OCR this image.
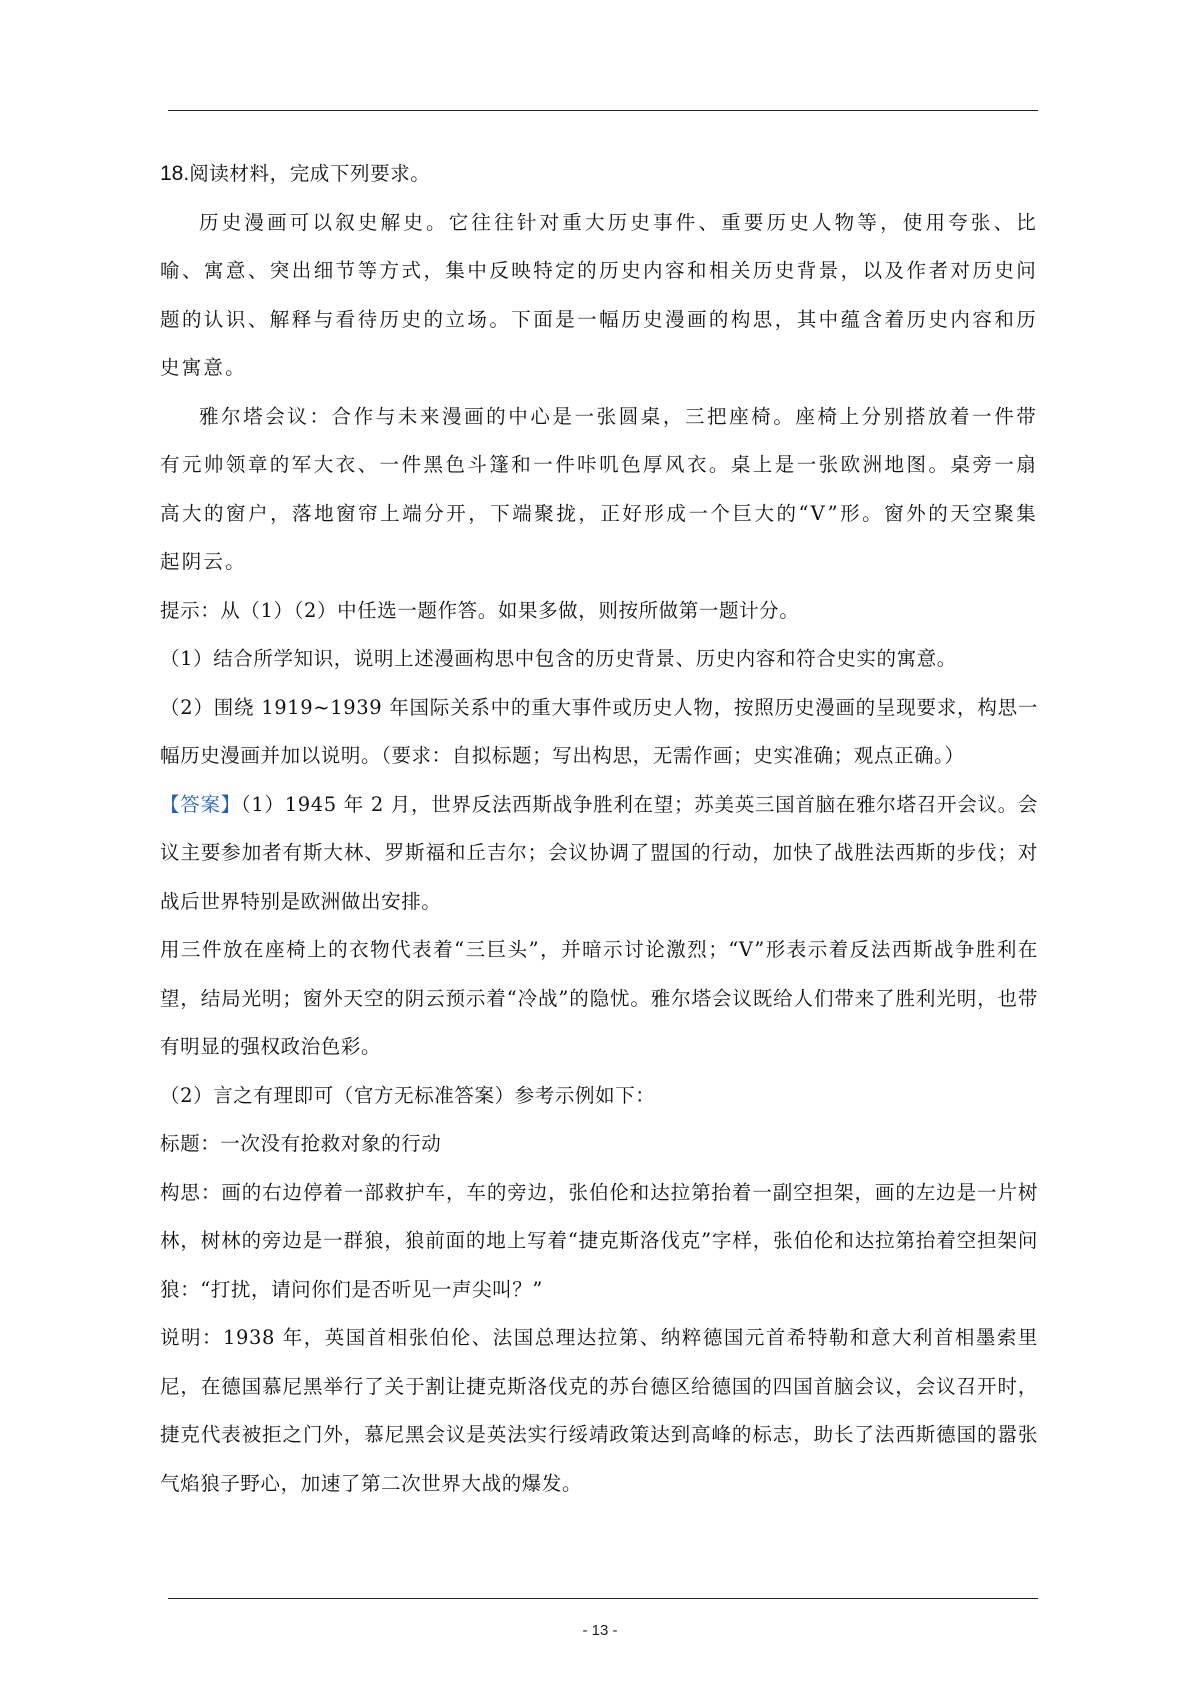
18.阅读材料，完成下列要求。

历史漫画可以叙史解史。它往往针对重大历史事件、重要历史人物等，使用夸张、比喻、寓意、突出细节等方式，集中反映特定的历史内容和相关历史背景，以及作者对历史问题的认识、解释与看待历史的立场。下面是一幅历史漫画的构思，其中蕴含着历史内容和历史寓意。

雅尔塔会议：合作与未来漫画的中心是一张圆桌，三把座椅。座椅上分别搭放着一件带有元帅领章的军大衣、一件黑色斗篷和一件咔叽色厚风衣。桌上是一张欧洲地图。桌旁一扇高大的窗户，落地窗帘上端分开，下端聚拢，正好形成一个巨大的“V”形。窗外的天空聚集起阴云。

提示：从（1）（2）中任选一题作答。如果多做，则按所做第一题计分。

（1）结合所学知识，说明上述漫画构思中包含的历史背景、历史内容和符合史实的寓意。

（2）围绕 1919~1939 年国际关系中的重大事件或历史人物，按照历史漫画的呈现要求，构思一幅历史漫画并加以说明。（要求：自拟标题；写出构思，无需作画；史实准确；观点正确。）

【答案】（1）1945 年 2 月，世界反法西斯战争胜利在望；苏美英三国首脑在雅尔塔召开会议。会议主要参加者有斯大林、罗斯福和丘吉尔；会议协调了盟国的行动，加快了战胜法西斯的步伐；对战后世界特别是欧洲做出安排。

用三件放在座椅上的衣物代表着“三巨头”，并暗示讨论激烈；“V”形表示着反法西斯战争胜利在望，结局光明；窗外天空的阴云预示着“冷战”的隐忧。雅尔塔会议既给人们带来了胜利光明，也带有明显的强权政治色彩。

（2）言之有理即可（官方无标准答案）参考示例如下：

标题：一次没有抢救对象的行动

构思：画的右边停着一部救护车，车的旁边，张伯伦和达拉第抬着一副空担架，画的左边是一片树林，树林的旁边是一群狼，狼前面的地上写着“捷克斯洛伐克”字样，张伯伦和达拉第抬着空担架问狼：“打扰，请问你们是否听见一声尖叫？”

说明：1938 年，英国首相张伯伦、法国总理达拉第、纳粹德国元首希特勒和意大利首相墨索里尼，在德国慕尼黑举行了关于割让捷克斯洛伐克的苏台德区给德国的四国首脑会议，会议召开时，捷克代表被拒之门外，慕尼黑会议是英法实行绥靖政策达到高峰的标志，助长了法西斯德国的嚣张气焰狼子野心，加速了第二次世界大战的爆发。

- 13 -
